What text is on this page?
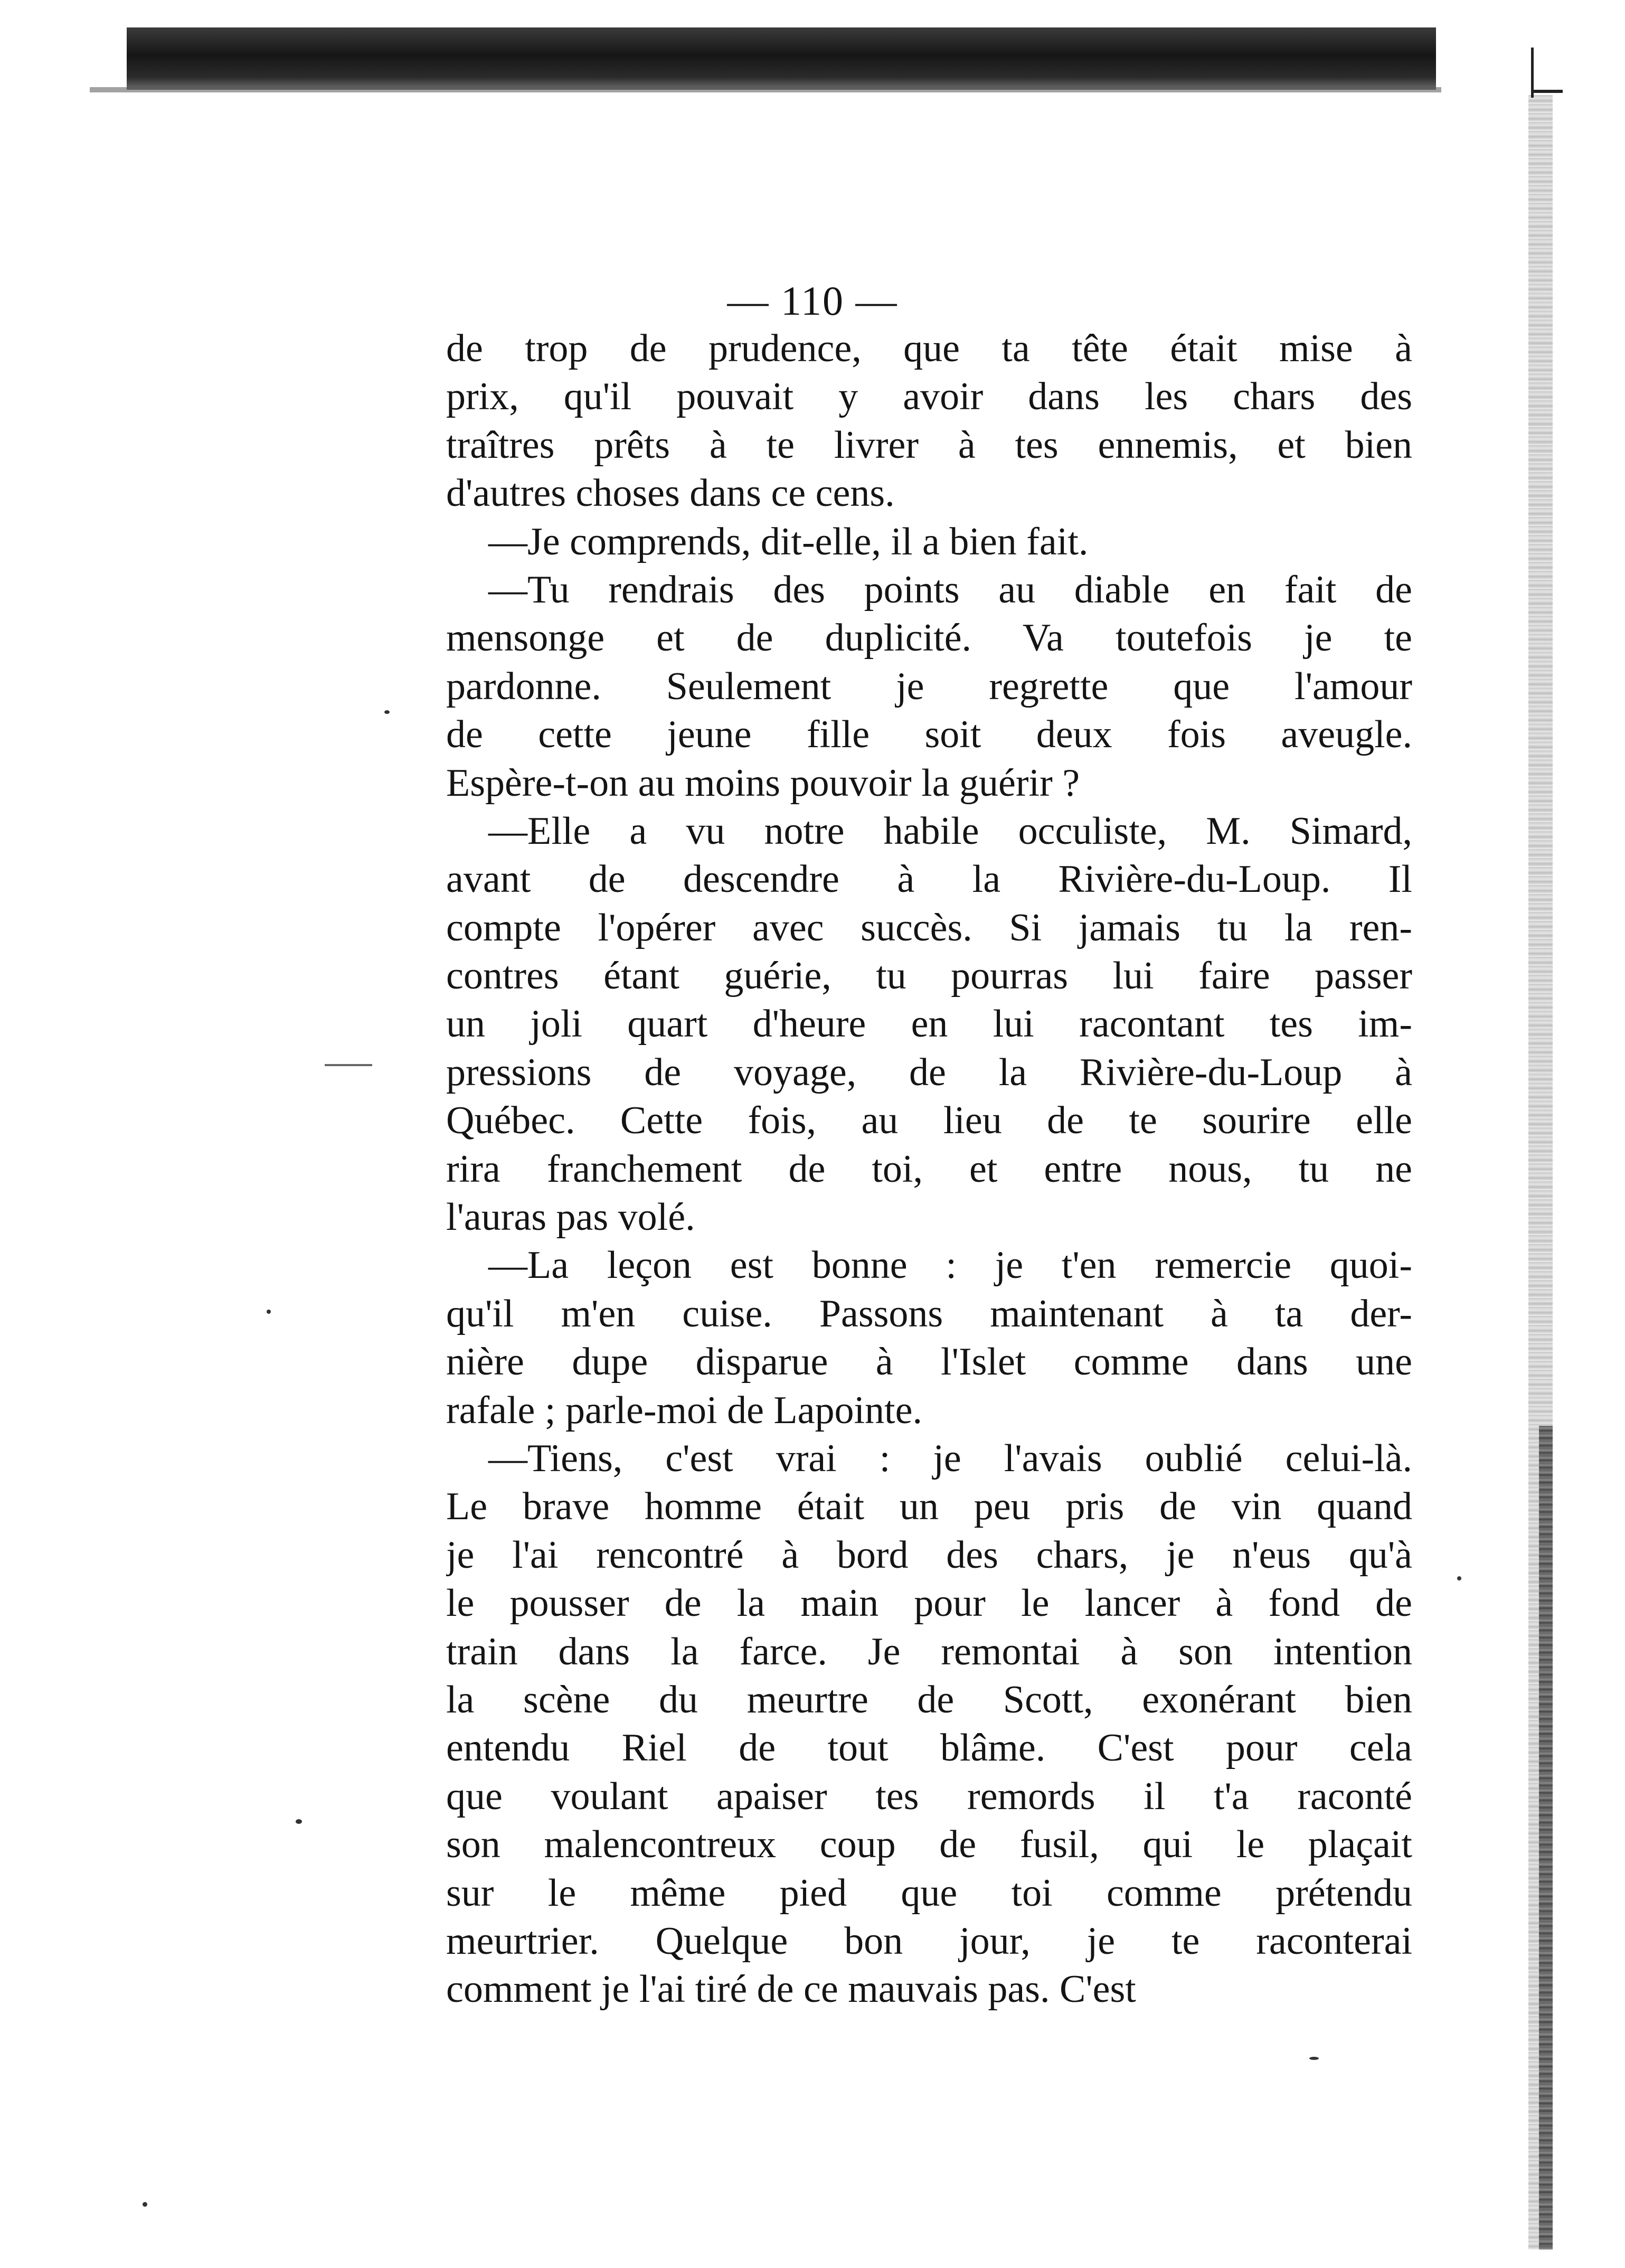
— 110 —
de trop de prudence, que ta tête était mise à
prix, qu'il pouvait y avoir dans les chars des
traîtres prêts à te livrer à tes ennemis, et bien
d'autres choses dans ce cens.
—Je comprends, dit-elle, il a bien fait.
—Tu rendrais des points au diable en fait de
mensonge et de duplicité. Va toutefois je te
pardonne. Seulement je regrette que l'amour
de cette jeune fille soit deux fois aveugle.
Espère-t-on au moins pouvoir la guérir ?
—Elle a vu notre habile occuliste, M. Simard,
avant de descendre à la Rivière-du-Loup. Il
compte l'opérer avec succès. Si jamais tu la ren-
contres étant guérie, tu pourras lui faire passer
un joli quart d'heure en lui racontant tes im-
pressions de voyage, de la Rivière-du-Loup à
Québec. Cette fois, au lieu de te sourire elle
rira franchement de toi, et entre nous, tu ne
l'auras pas volé.
—La leçon est bonne : je t'en remercie quoi-
qu'il m'en cuise. Passons maintenant à ta der-
nière dupe disparue à l'Islet comme dans une
rafale ; parle-moi de Lapointe.
—Tiens, c'est vrai : je l'avais oublié celui-là.
Le brave homme était un peu pris de vin quand
je l'ai rencontré à bord des chars, je n'eus qu'à
le pousser de la main pour le lancer à fond de
train dans la farce. Je remontai à son intention
la scène du meurtre de Scott, exonérant bien
entendu Riel de tout blâme. C'est pour cela
que voulant apaiser tes remords il t'a raconté
son malencontreux coup de fusil, qui le plaçait
sur le même pied que toi comme prétendu
meurtrier. Quelque bon jour, je te raconterai
comment je l'ai tiré de ce mauvais pas. C'est
